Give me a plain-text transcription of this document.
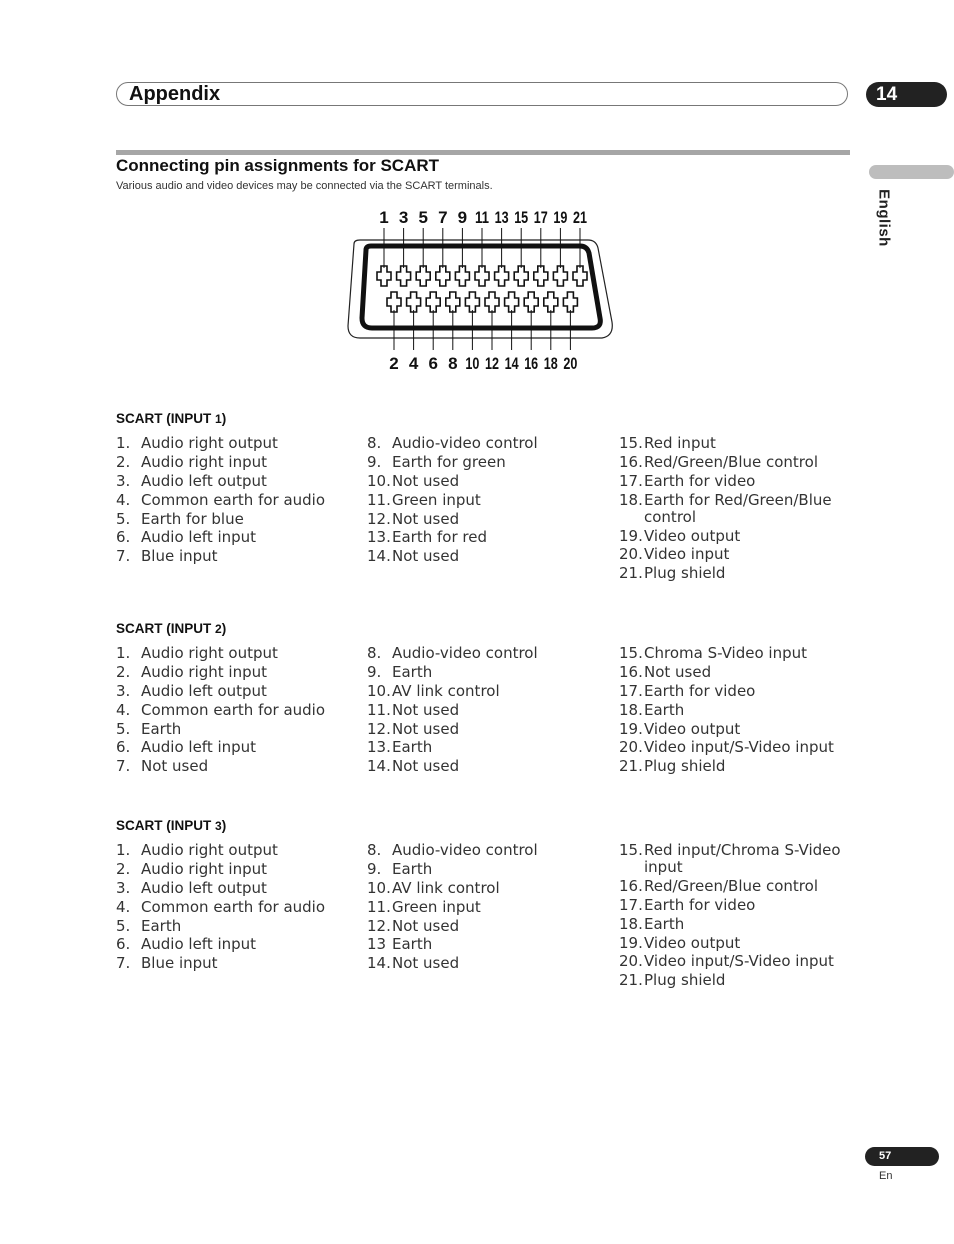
Appendix	14
English
Connecting pin assignments for SCART
Various audio and video devices may be connected via the SCART terminals.
1 3 5 7 9 11 13 15 17 19 21
2 4 6 8 10 12 14 16 18 20
SCART (INPUT 1)
1. Audio right output
2. Audio right input
3. Audio left output
4. Common earth for audio
5. Earth for blue
6. Audio left input
7. Blue input
8. Audio-video control
9. Earth for green
10. Not used
11. Green input
12. Not used
13. Earth for red
14. Not used
15. Red input
16. Red/Green/Blue control
17. Earth for video
18. Earth for Red/Green/Blue control
19. Video output
20. Video input
21. Plug shield
SCART (INPUT 2)
1. Audio right output
2. Audio right input
3. Audio left output
4. Common earth for audio
5. Earth
6. Audio left input
7. Not used
8. Audio-video control
9. Earth
10. AV link control
11. Not used
12. Not used
13. Earth
14. Not used
15. Chroma S-Video input
16. Not used
17. Earth for video
18. Earth
19. Video output
20. Video input/S-Video input
21. Plug shield
SCART (INPUT 3)
1. Audio right output
2. Audio right input
3. Audio left output
4. Common earth for audio
5. Earth
6. Audio left input
7. Blue input
8. Audio-video control
9. Earth
10. AV link control
11. Green input
12. Not used
13 Earth
14. Not used
15. Red input/Chroma S-Video input
16. Red/Green/Blue control
17. Earth for video
18. Earth
19. Video output
20. Video input/S-Video input
21. Plug shield
57
En
